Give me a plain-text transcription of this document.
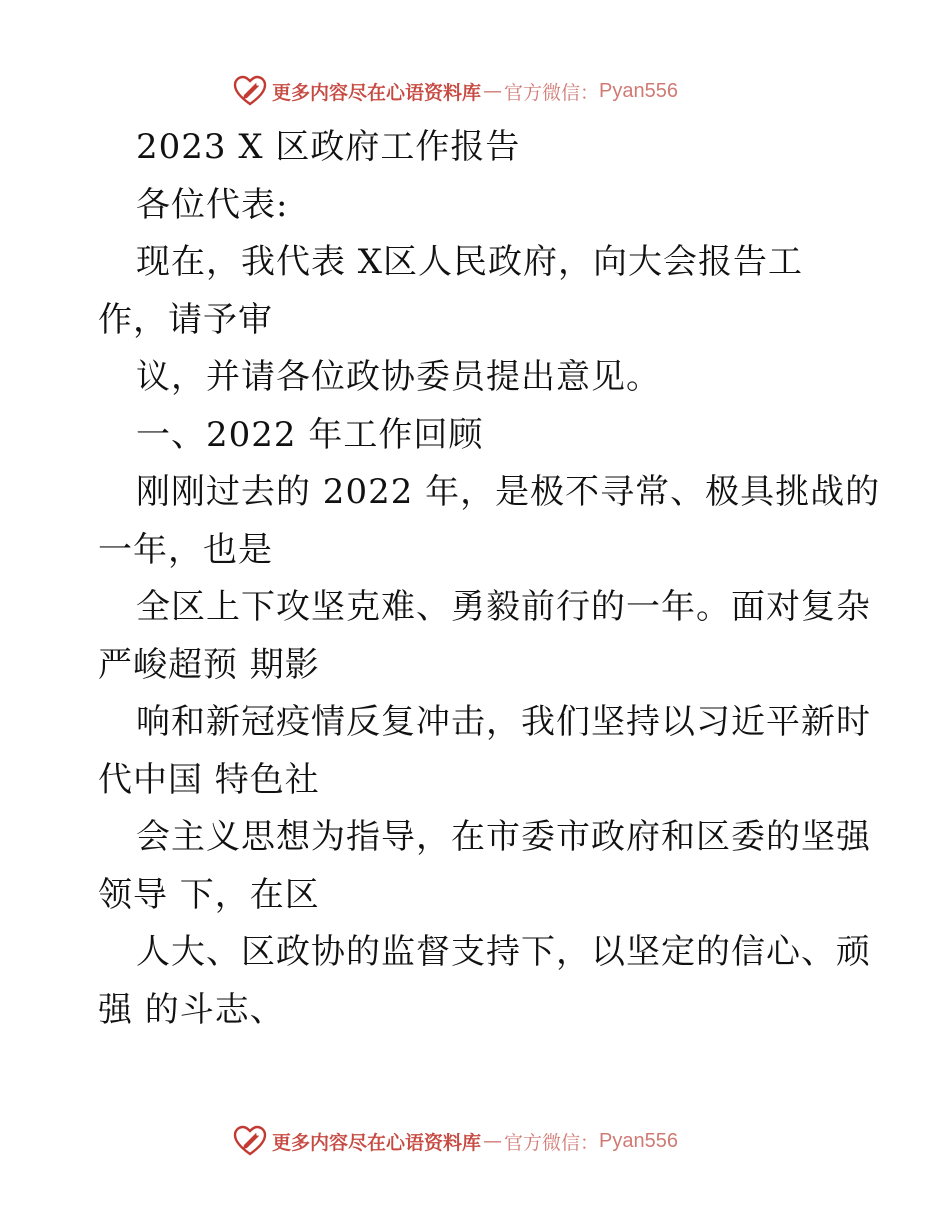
更多内容尽在心语资料库 — 官方微信： Pyan556
2023 X 区政府工作报告
各位代表:
现在，我代表 X区人民政府，向大会报告工
作，请予审
议，并请各位政协委员提出意见。
一、2022 年工作回顾
刚刚过去的 2022 年，是极不寻常、极具挑战的
一年，也是
全区上下攻坚克难、勇毅前行的一年。面对复杂
严峻超预 期影
响和新冠疫情反复冲击，我们坚持以习近平新时
代中国 特色社
会主义思想为指导，在市委市政府和区委的坚强
领导 下，在区
人大、区政协的监督支持下，以坚定的信心、顽
强 的斗志、
更多内容尽在心语资料库 — 官方微信： Pyan556
